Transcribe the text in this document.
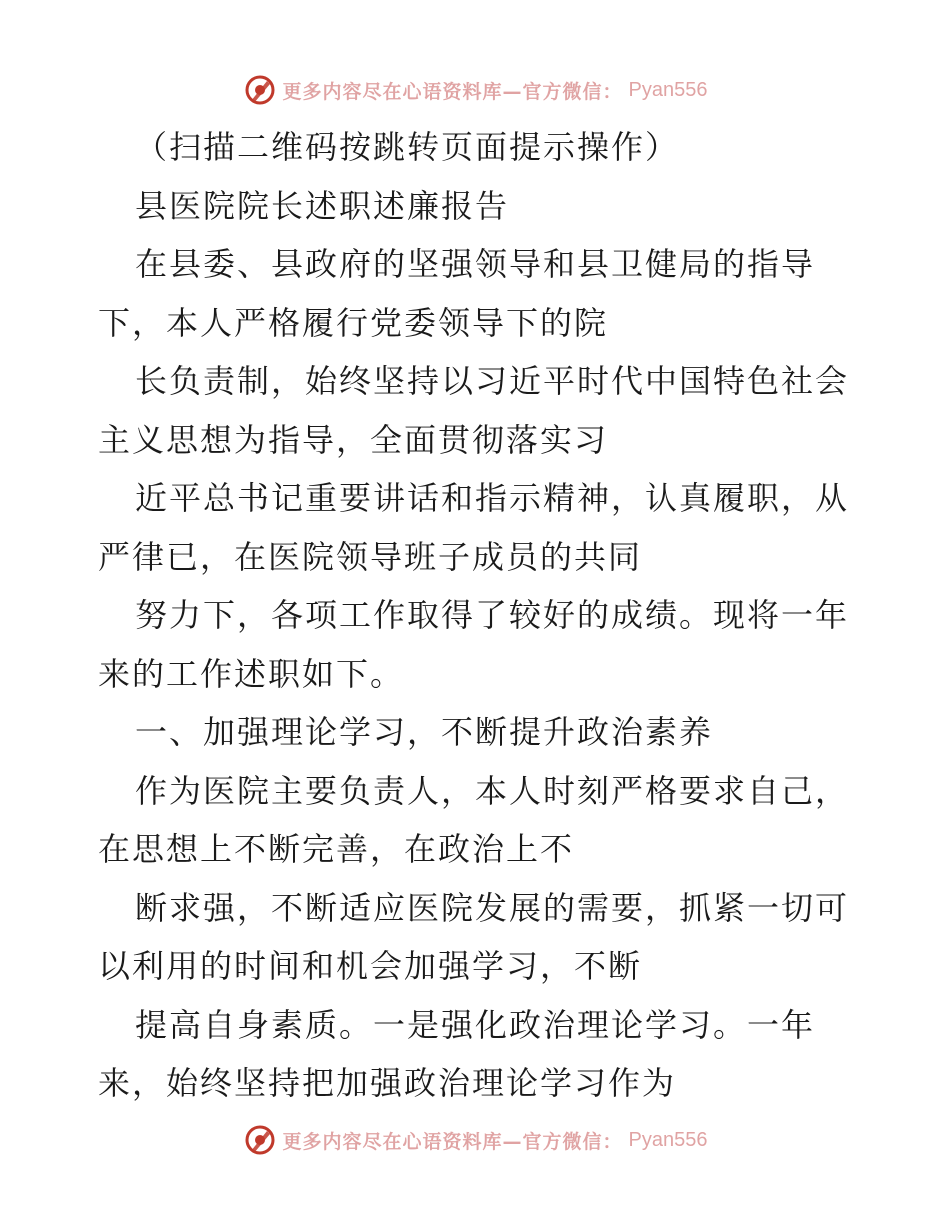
更多内容尽在心语资料库—官方微信： Pyan556
（扫描二维码按跳转页面提示操作）
县医院院长述职述廉报告
在县委、县政府的坚强领导和县卫健局的指导
下，本人严格履行党委领导下的院
长负责制，始终坚持以习近平时代中国特色社会
主义思想为指导，全面贯彻落实习
近平总书记重要讲话和指示精神，认真履职，从
严律已，在医院领导班子成员的共同
努力下，各项工作取得了较好的成绩。现将一年
来的工作述职如下。
一、加强理论学习，不断提升政治素养
作为医院主要负责人，本人时刻严格要求自己，
在思想上不断完善，在政治上不
断求强，不断适应医院发展的需要，抓紧一切可
以利用的时间和机会加强学习，不断
提高自身素质。一是强化政治理论学习。一年
来，始终坚持把加强政治理论学习作为
更多内容尽在心语资料库—官方微信： Pyan556
